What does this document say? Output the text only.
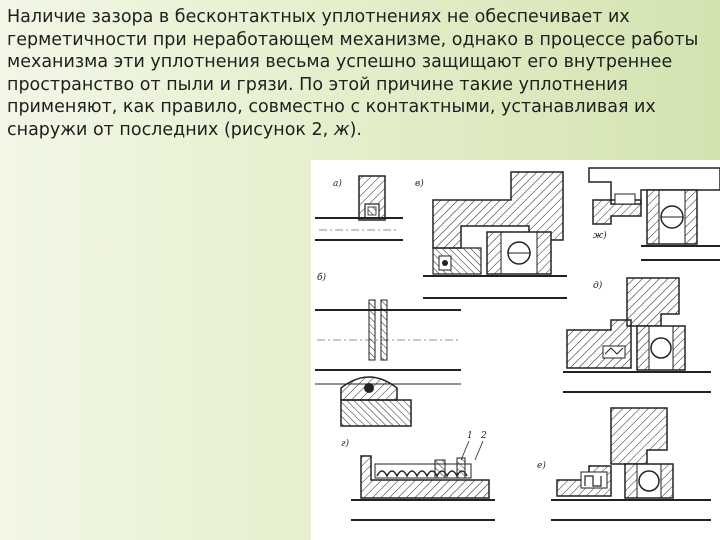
Наличие зазора в бесконтактных уплотнениях не обеспечивает их
герметичности при неработающем механизме, однако в процессе работы
механизма эти уплотнения весьма успешно защищают его внутреннее
пространство от пыли и грязи. По этой причине такие уплотнения
применяют, как правило, совместно с контактными, устанавливая их
снаружи от последних (рисунок 2, ж).
а)	в)
ж)
б)
д)
г)
1 2
е)
